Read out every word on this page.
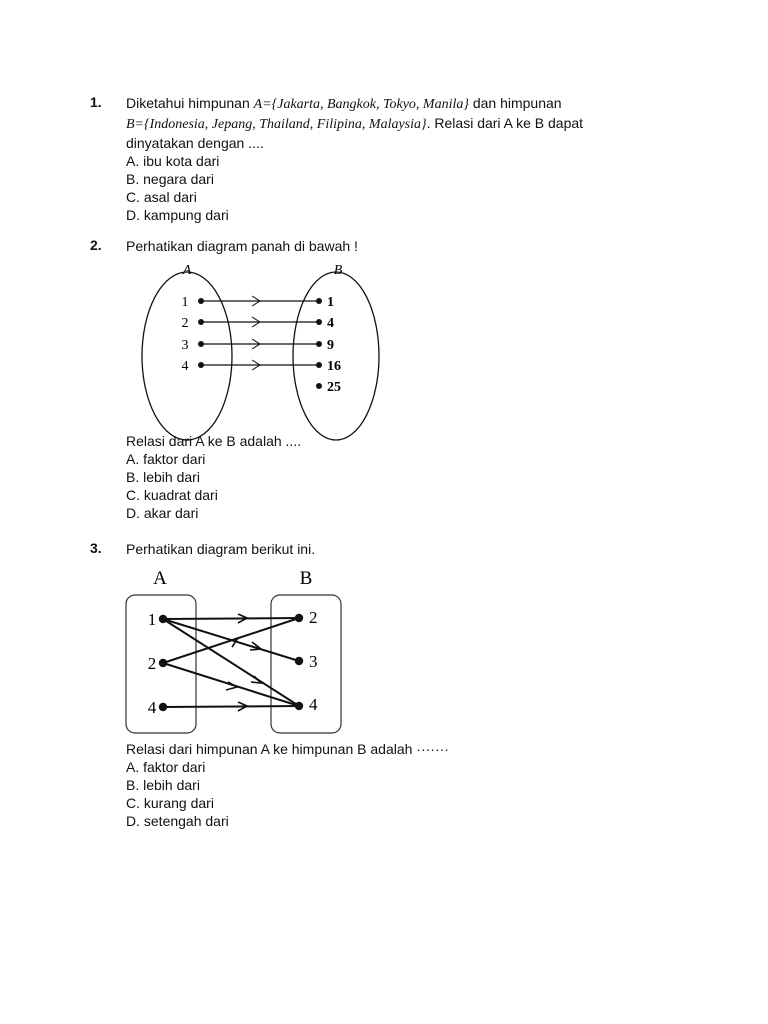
1. Diketahui himpunan A={Jakarta, Bangkok, Tokyo, Manila} dan himpunan
B={Indonesia, Jepang, Thailand, Filipina, Malaysia}. Relasi dari A ke B dapat
dinyatakan dengan ....
A. ibu kota dari
B. negara dari
C. asal dari
D. kampung dari
2. Perhatikan diagram panah di bawah !
A	B
1
2
3
4
1
4
9
16
25
Relasi dari A ke B adalah ....
A. faktor dari
B. lebih dari
C. kuadrat dari
D. akar dari
3. Perhatikan diagram berikut ini.
A	B
1
2
4
2
3
4
Relasi dari himpunan A ke himpunan B adalah ·······
A. faktor dari
B. lebih dari
C. kurang dari
D. setengah dari
